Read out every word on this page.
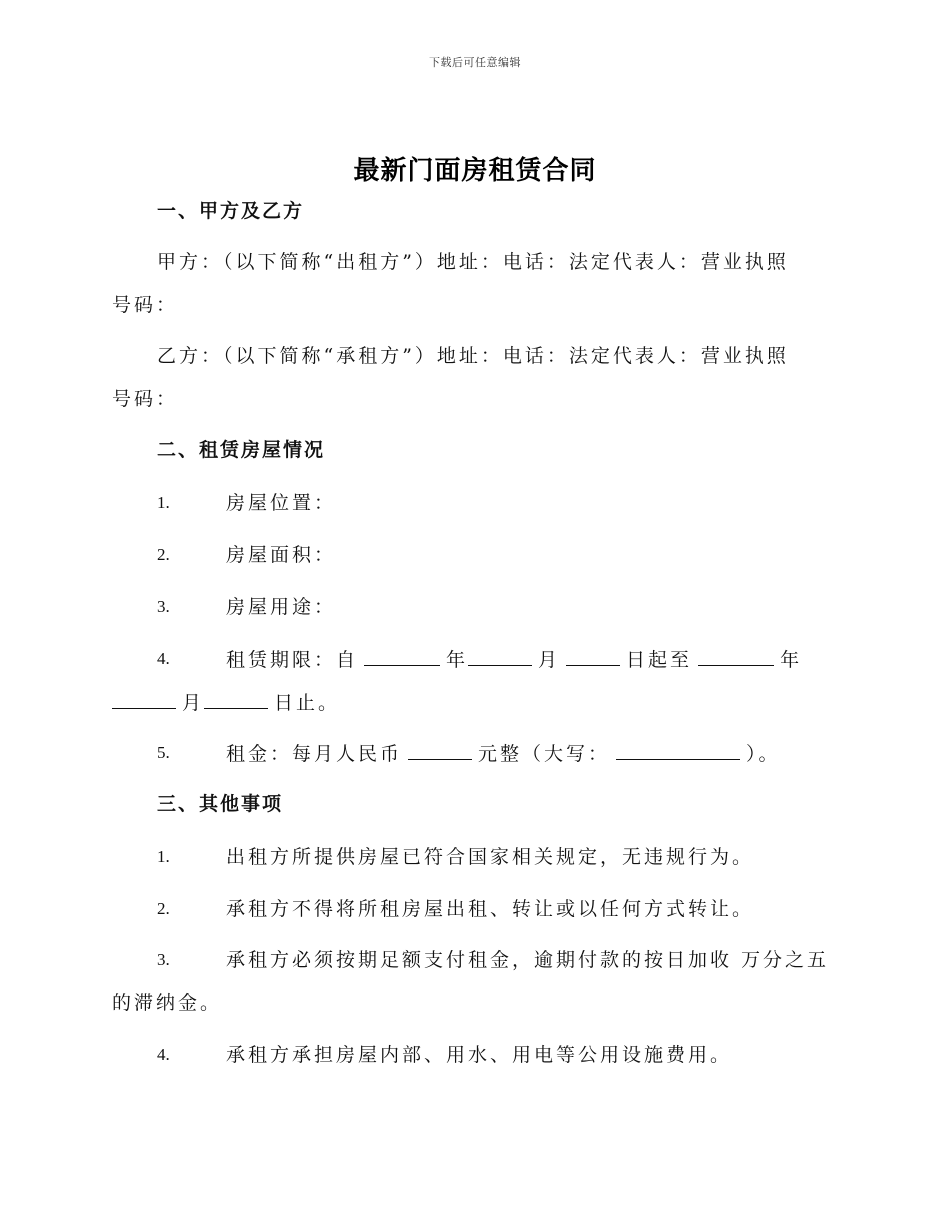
下载后可任意编辑
最新门面房租赁合同
一、甲方及乙方
甲方：（以下简称“出租方”）地址：电话：法定代表人：营业执照
号码：
乙方：（以下简称“承租方”）地址：电话：法定代表人：营业执照
号码：
二、租赁房屋情况
1.	房屋位置：
2.	房屋面积：
3.	房屋用途：
4.	租赁期限：自	年	月	日起至	年
月	日止。
5.	租金：每月人民币	元整（大写：	）。
三、其他事项
1.	出租方所提供房屋已符合国家相关规定，无违规行为。
2.	承租方不得将所租房屋出租、转让或以任何方式转让。
3.	承租方必须按期足额支付租金，逾期付款的按日加收 万分之五
的滞纳金。
4.	承租方承担房屋内部、用水、用电等公用设施费用。
